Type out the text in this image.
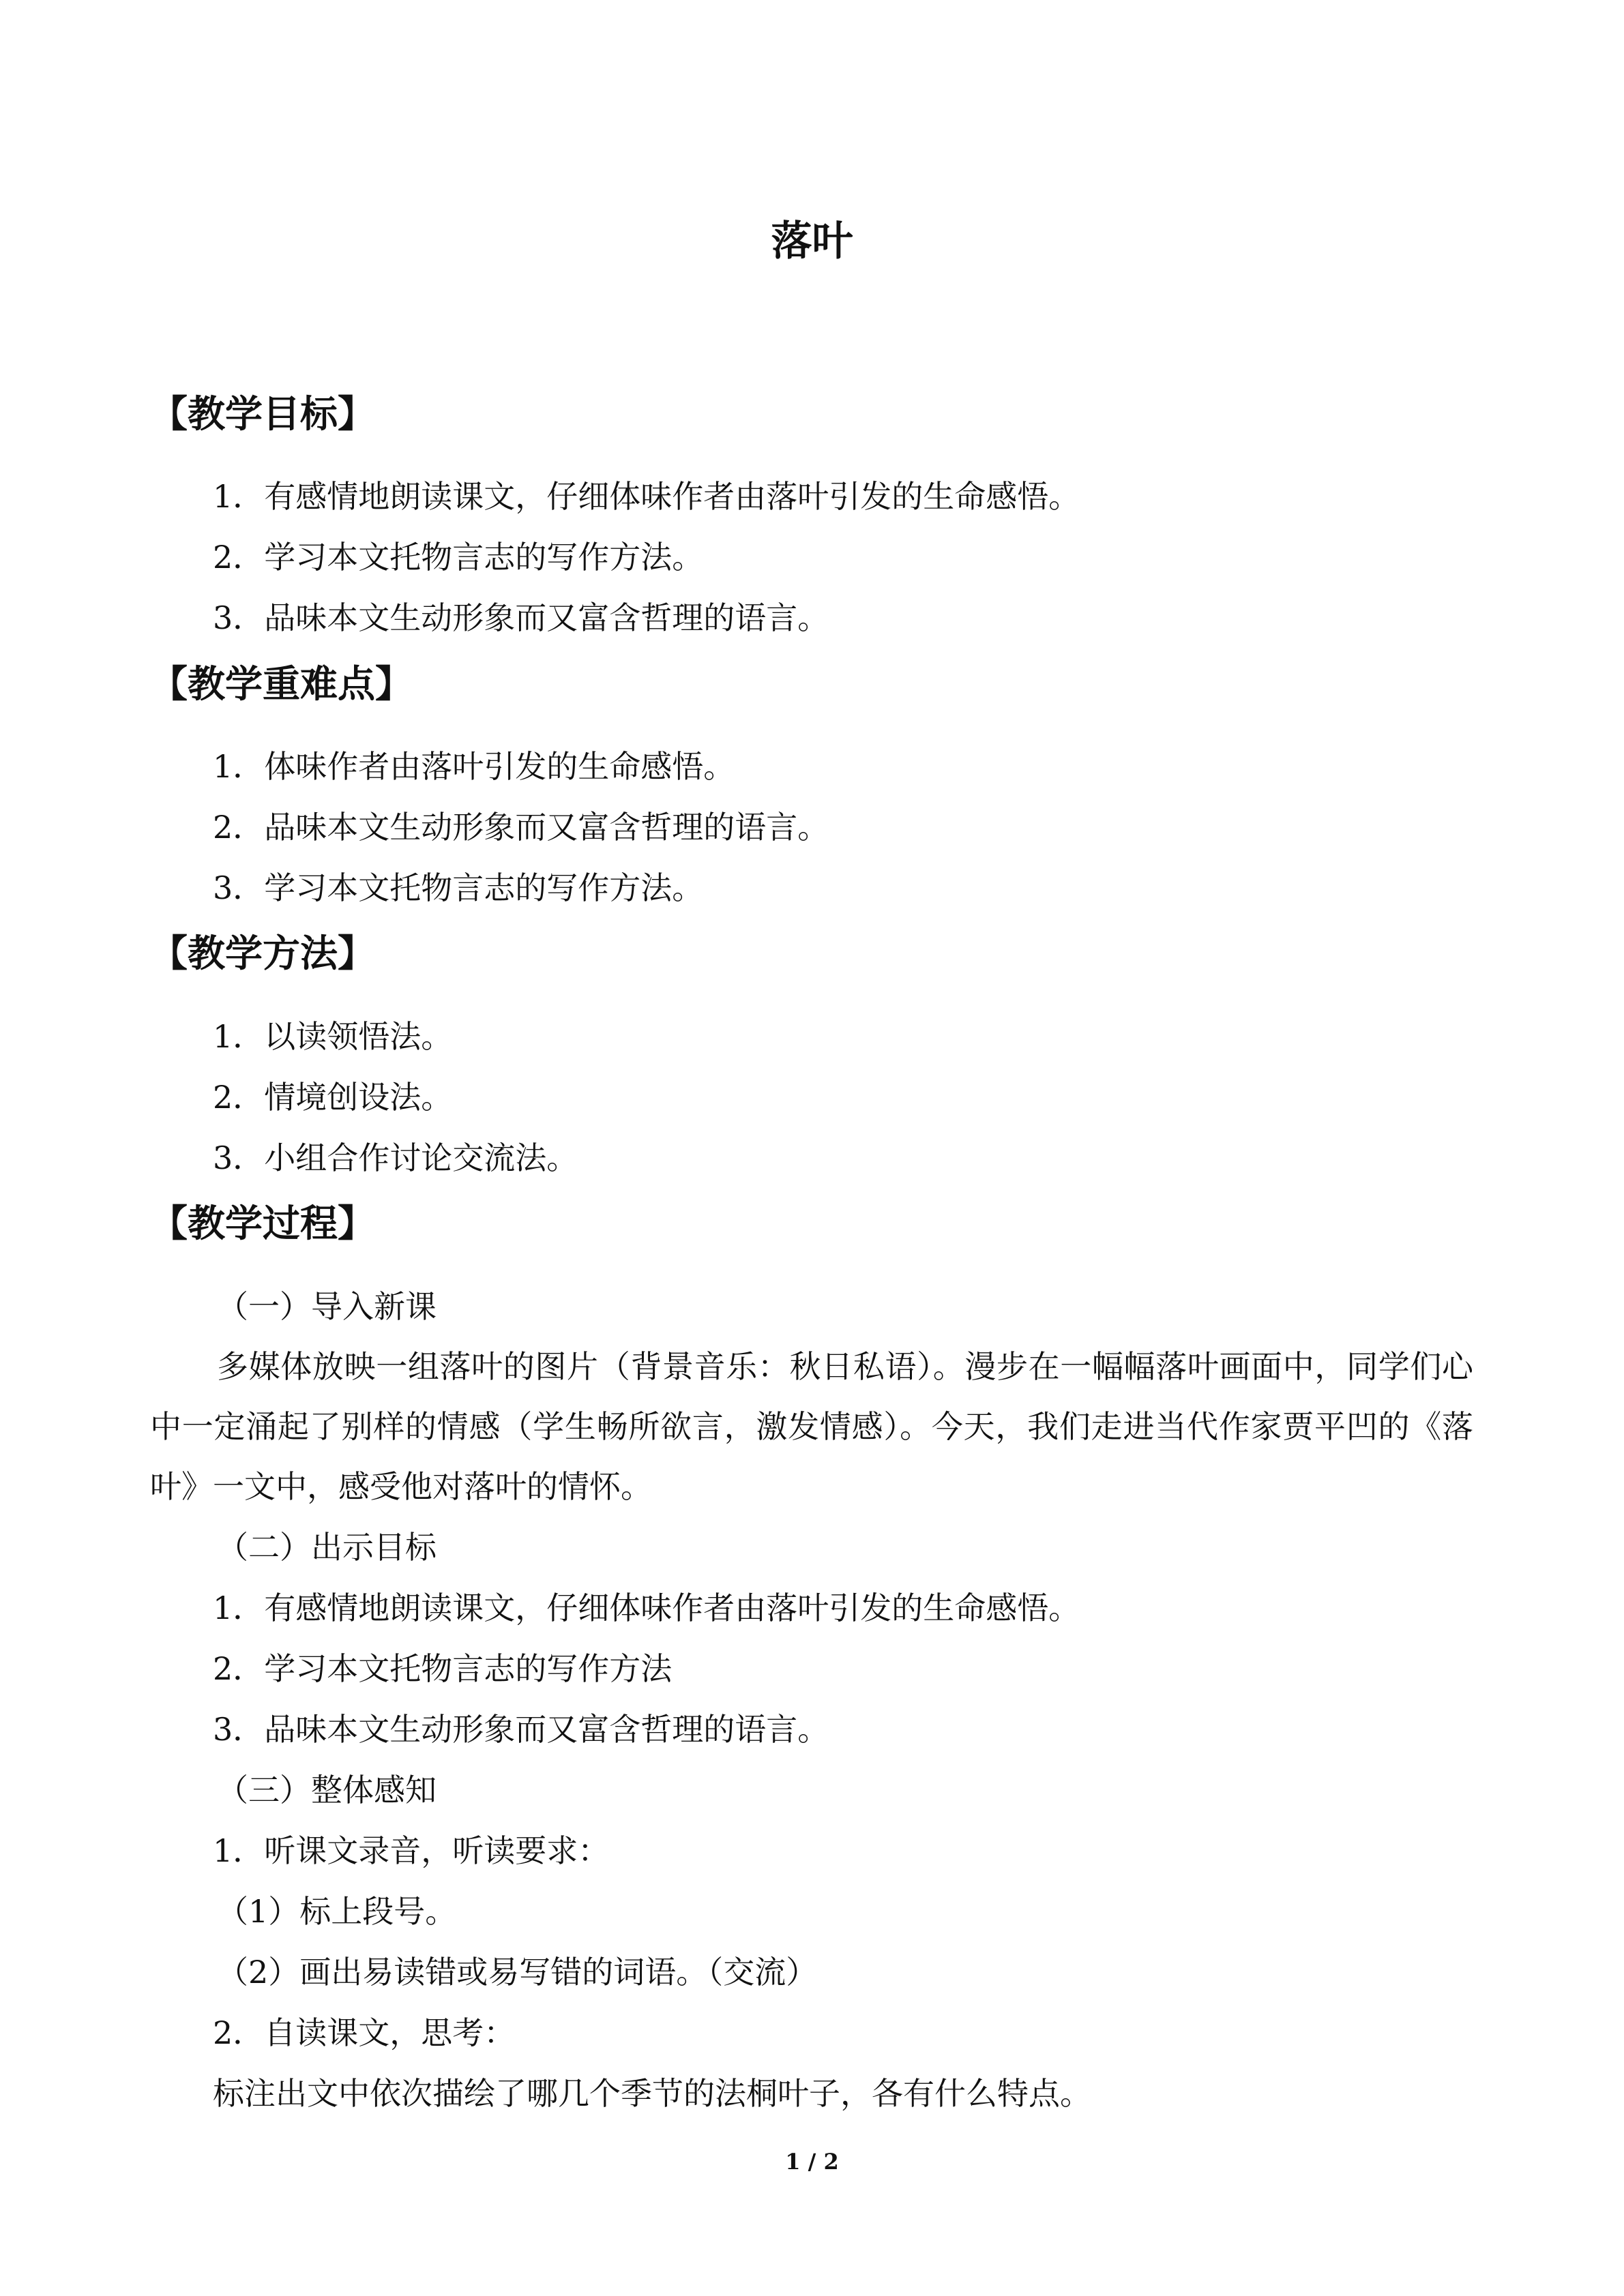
落叶
【教学目标】
1．有感情地朗读课文，仔细体味作者由落叶引发的生命感悟。
2．学习本文托物言志的写作方法。
3．品味本文生动形象而又富含哲理的语言。
【教学重难点】
1．体味作者由落叶引发的生命感悟。
2．品味本文生动形象而又富含哲理的语言。
3．学习本文托物言志的写作方法。
【教学方法】
1．以读领悟法。
2．情境创设法。
3．小组合作讨论交流法。
【教学过程】
（一）导入新课
多媒体放映一组落叶的图片（背景音乐：秋日私语）。漫步在一幅幅落叶画面中，同学们心中一定涌起了别样的情感（学生畅所欲言，激发情感）。今天，我们走进当代作家贾平凹的《落叶》一文中，感受他对落叶的情怀。
（二）出示目标
1．有感情地朗读课文，仔细体味作者由落叶引发的生命感悟。
2．学习本文托物言志的写作方法
3．品味本文生动形象而又富含哲理的语言。
（三）整体感知
1．听课文录音，听读要求：
（1）标上段号。
（2）画出易读错或易写错的词语。（交流）
2．自读课文，思考：
标注出文中依次描绘了哪几个季节的法桐叶子，各有什么特点。
1 / 2
